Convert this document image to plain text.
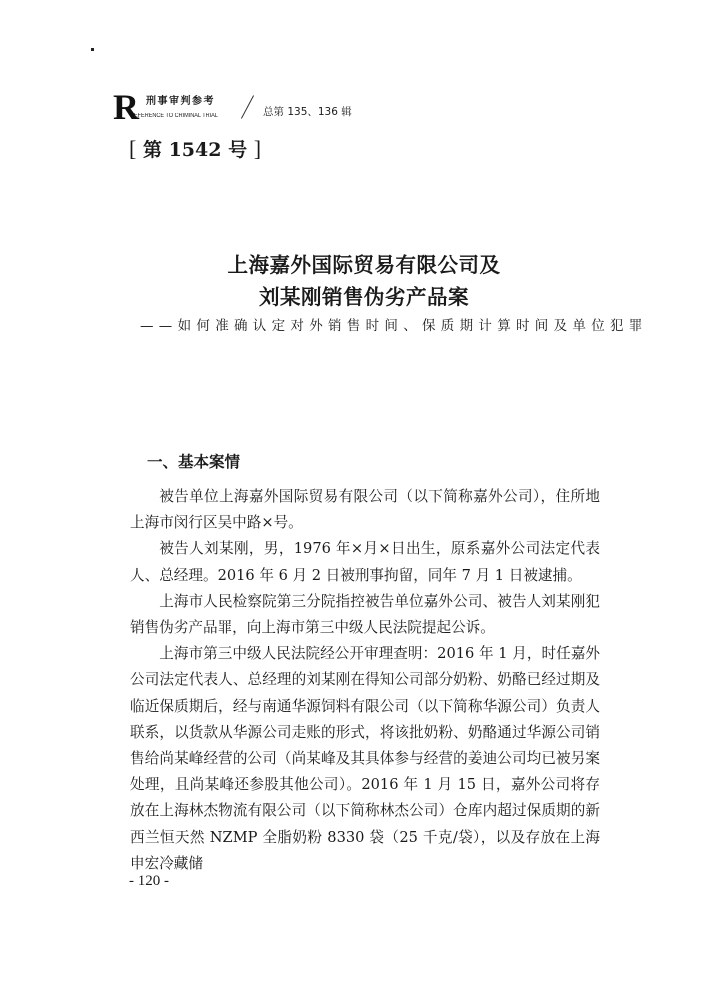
R 刑事审判参考
EFERENCE TO CRIMINAL TRIAL	总第 135、136 辑
[ 第 1542 号 ]
上海嘉外国际贸易有限公司及
刘某刚销售伪劣产品案
——如何准确认定对外销售时间、保质期计算时间及单位犯罪
一、基本案情

被告单位上海嘉外国际贸易有限公司（以下简称嘉外公司），住所地上海市闵行区吴中路×号。

被告人刘某刚，男，1976 年×月×日出生，原系嘉外公司法定代表人、总经理。2016 年 6 月 2 日被刑事拘留，同年 7 月 1 日被逮捕。

上海市人民检察院第三分院指控被告单位嘉外公司、被告人刘某刚犯销售伪劣产品罪，向上海市第三中级人民法院提起公诉。

上海市第三中级人民法院经公开审理查明：2016 年 1 月，时任嘉外公司法定代表人、总经理的刘某刚在得知公司部分奶粉、奶酪已经过期及临近保质期后，经与南通华源饲料有限公司（以下简称华源公司）负责人联系，以货款从华源公司走账的形式，将该批奶粉、奶酪通过华源公司销售给尚某峰经营的公司（尚某峰及其具体参与经营的姜迪公司均已被另案处理，且尚某峰还参股其他公司）。2016 年 1 月 15 日，嘉外公司将存放在上海林杰物流有限公司（以下简称林杰公司）仓库内超过保质期的新西兰恒天然 NZMP 全脂奶粉 8330 袋（25 千克/袋），以及存放在上海申宏冷藏储

- 120 -
